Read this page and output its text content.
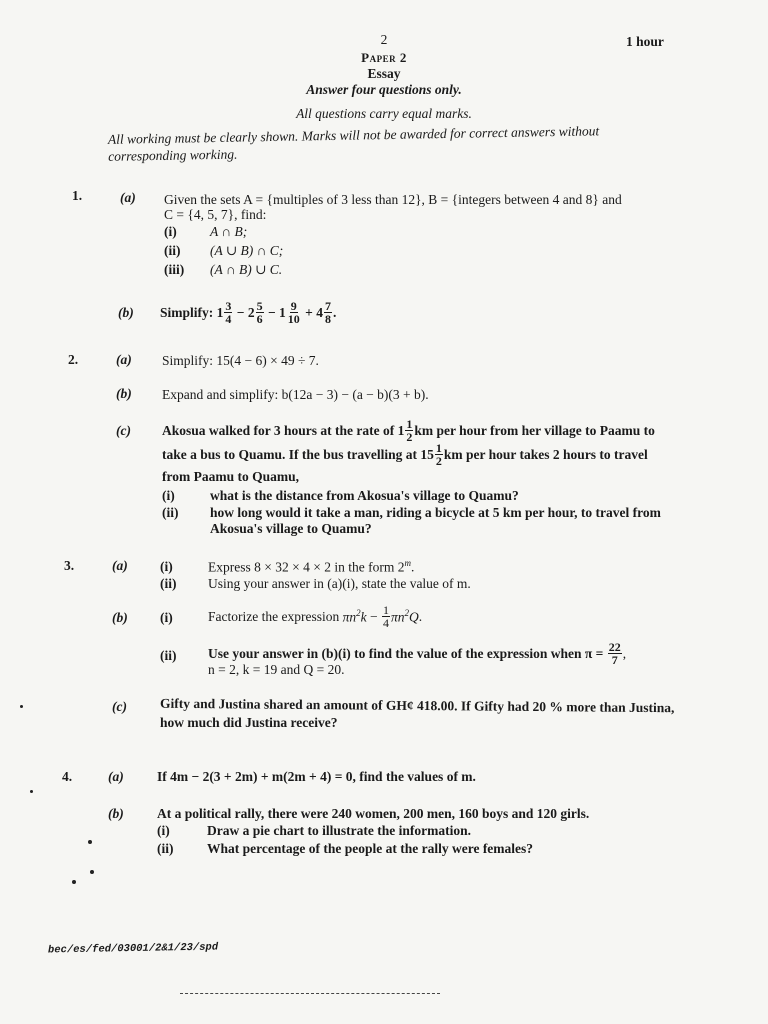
2	1 hour
Paper 2
Essay
Answer four questions only.
All questions carry equal marks.
All working must be clearly shown. Marks will not be awarded for correct answers without corresponding working.
1.	(a) Given the sets A = {multiples of 3 less than 12}, B = {integers between 4 and 8} and
C = {4, 5, 7}, find:
(i) A ∩ B;
(ii) (A ∪ B) ∩ C;
(iii) (A ∩ B) ∪ C.
(b) Simplify: $1 \frac{3}{4} - 2 \frac{5}{6} - 1 \frac{9}{10} + 4 \frac{7}{8}$ .
2.	(a) Simplify: 15(4 − 6) × 49 ÷ 7.
(b) Expand and simplify: b(12a − 3) − (a − b)(3 + b).
(c) Akosua walked for 3 hours at the rate of $1 \frac{1}{2}$ km per hour from her village to Paamu to
take a bus to Quamu. If the bus travelling at $15 \frac{1}{2}$ km per hour takes 2 hours to travel
from Paamu to Quamu,
(i)	what is the distance from Akosua's village to Quamu?
(ii) how long would it take a man, riding a bicycle at 5 km per hour, to travel from
Akosua's village to Quamu?
3.	(a) (i)	Express 8 × 32 × 4 × 2 in the form 2$^m$.
(ii) Using your answer in (a)(i), state the value of m.
(b) (i)	Factorize the expression
$\pi n^2k - \frac{1}{4} \pi n^2Q$ .
(ii) Use your answer in (b)(i) to find the value of the expression when π =
$\frac{22}{7}$ ,
n = 2, k = 19 and Q = 20.
(c) Gifty and Justina shared an amount of GH¢ 418.00. If Gifty had 20 % more than Justina,
how much did Justina receive?
4.	(a) If 4m − 2(3 + 2m) + m(2m + 4) = 0, find the values of m.
(b) At a political rally, there were 240 women, 200 men, 160 boys and 120 girls.
(i)	Draw a pie chart to illustrate the information.
(ii) What percentage of the people at the rally were females?
bec/es/fed/03001/2&1/23/spd
